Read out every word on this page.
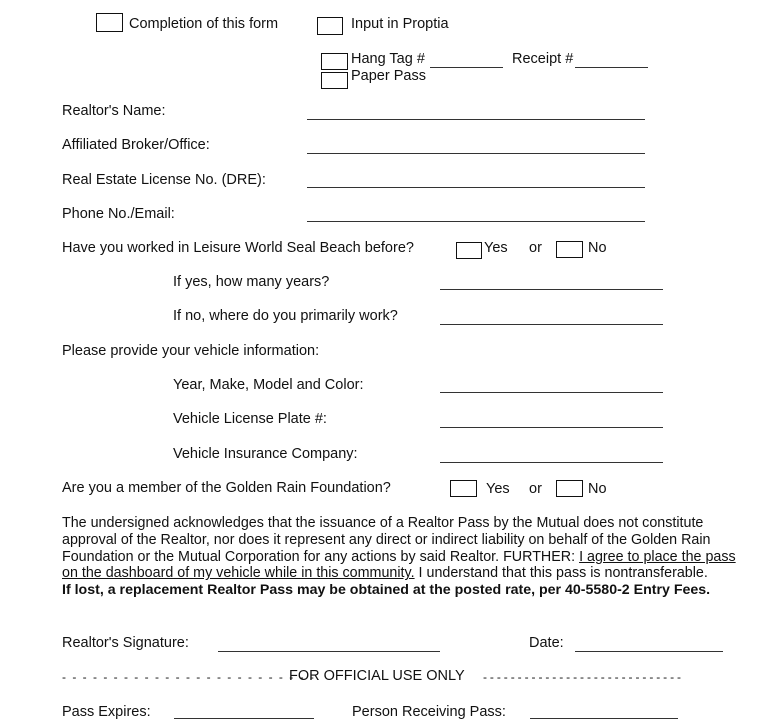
Completion of this form	Input in Proptia
Hang Tag #	Receipt #
Paper Pass
Realtor's Name:
Affiliated Broker/Office:
Real Estate License No. (DRE):
Phone No./Email:
Have you worked in Leisure World Seal Beach before?	Yes or	No
If yes, how many years?
If no, where do you primarily work?
Please provide your vehicle information:
Year, Make, Model and Color:
Vehicle License Plate #:
Vehicle Insurance Company:
Are you a member of the Golden Rain Foundation?	Yes or	No

The undersigned acknowledges that the issuance of a Realtor Pass by the Mutual does not constitute approval of the Realtor, nor does it represent any direct or indirect liability on behalf of the Golden Rain Foundation or the Mutual Corporation for any actions by said Realtor. FURTHER: I agree to place the pass on the dashboard of my vehicle while in this community. I understand that this pass is nontransferable.

If lost, a replacement Realtor Pass may be obtained at the posted rate, per 40-5580-2 Entry Fees.

Realtor's Signature:	Date:
- - - - - - - - - - - - - - - - - - - - - - - - -
FOR OFFICIAL USE ONLY - - - - - - - - - - - - - - - - - - - - - - - - - - - - -
Pass Expires:	Person Receiving Pass:
